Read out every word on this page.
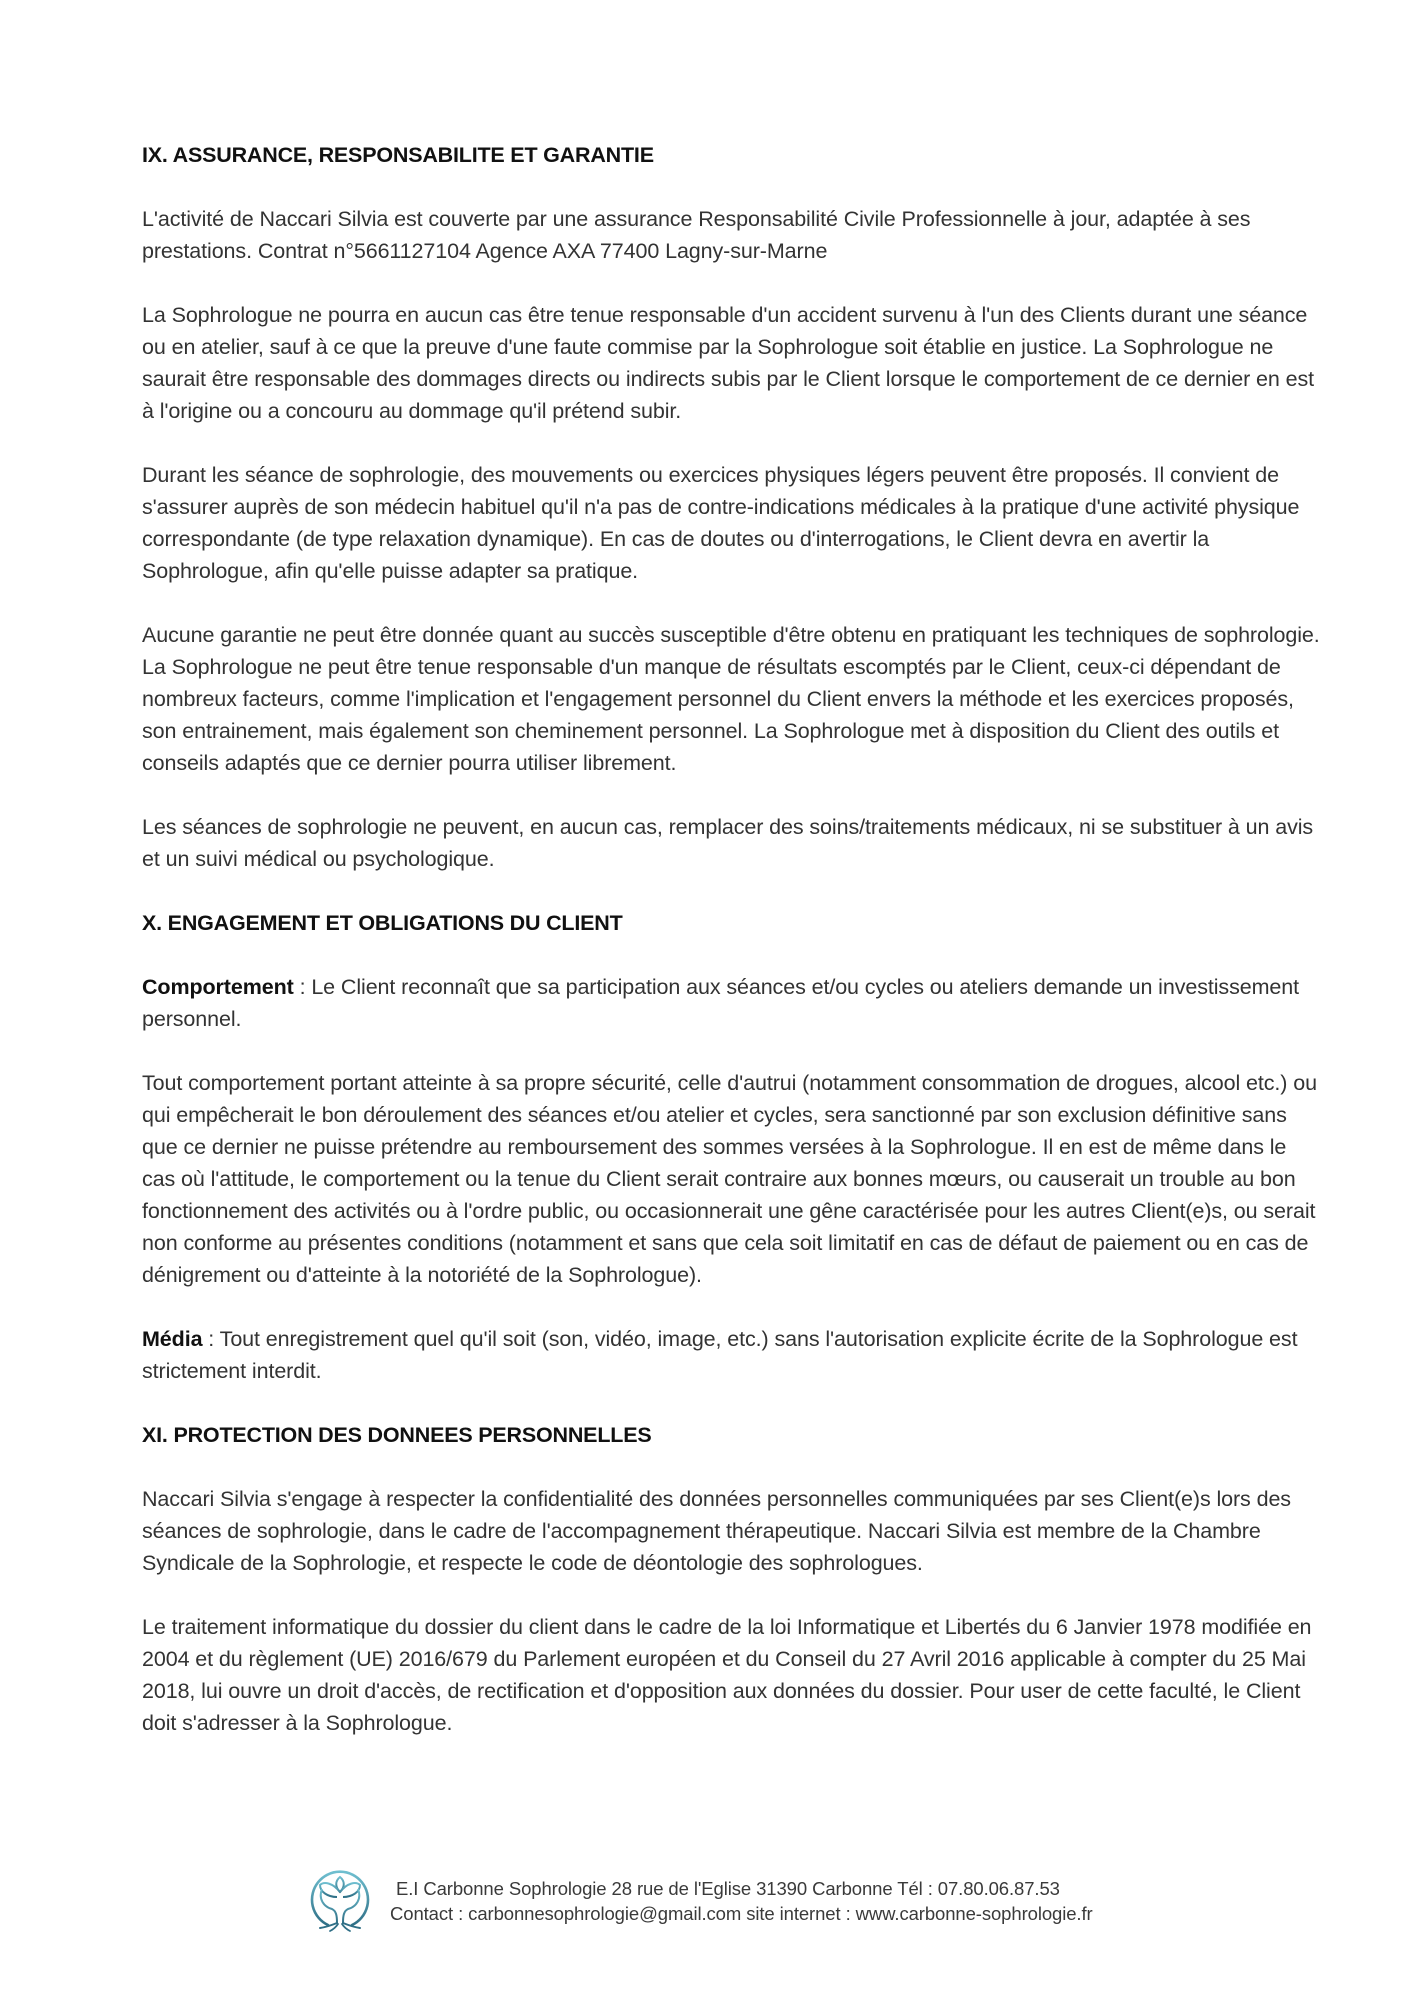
IX. ASSURANCE, RESPONSABILITE ET GARANTIE

L'activité de Naccari Silvia est couverte par une assurance Responsabilité Civile Professionnelle à jour, adaptée à ses prestations. Contrat n°5661127104 Agence AXA 77400 Lagny-sur-Marne

La Sophrologue ne pourra en aucun cas être tenue responsable d'un accident survenu à l'un des Clients durant une séance ou en atelier, sauf à ce que la preuve d'une faute commise par la Sophrologue soit établie en justice. La Sophrologue ne saurait être responsable des dommages directs ou indirects subis par le Client lorsque le comportement de ce dernier en est à l'origine ou a concouru au dommage qu'il prétend subir.

Durant les séance de sophrologie, des mouvements ou exercices physiques légers peuvent être proposés. Il convient de s'assurer auprès de son médecin habituel qu'il n'a pas de contre-indications médicales à la pratique d'une activité physique correspondante (de type relaxation dynamique). En cas de doutes ou d'interrogations, le Client devra en avertir la Sophrologue, afin qu'elle puisse adapter sa pratique.

Aucune garantie ne peut être donnée quant au succès susceptible d'être obtenu en pratiquant les techniques de sophrologie. La Sophrologue ne peut être tenue responsable d'un manque de résultats escomptés par le Client, ceux-ci dépendant de nombreux facteurs, comme l'implication et l'engagement personnel du Client envers la méthode et les exercices proposés, son entrainement, mais également son cheminement personnel. La Sophrologue met à disposition du Client des outils et conseils adaptés que ce dernier pourra utiliser librement.

Les séances de sophrologie ne peuvent, en aucun cas, remplacer des soins/traitements médicaux, ni se substituer à un avis et un suivi médical ou psychologique.

X. ENGAGEMENT ET OBLIGATIONS DU CLIENT

Comportement : Le Client reconnaît que sa participation aux séances et/ou cycles ou ateliers demande un investissement personnel.

Tout comportement portant atteinte à sa propre sécurité, celle d'autrui (notamment consommation de drogues, alcool etc.) ou qui empêcherait le bon déroulement des séances et/ou atelier et cycles, sera sanctionné par son exclusion définitive sans que ce dernier ne puisse prétendre au remboursement des sommes versées à la Sophrologue. Il en est de même dans le cas où l'attitude, le comportement ou la tenue du Client serait contraire aux bonnes mœurs, ou causerait un trouble au bon fonctionnement des activités ou à l'ordre public, ou occasionnerait une gêne caractérisée pour les autres Client(e)s, ou serait non conforme au présentes conditions (notamment et sans que cela soit limitatif en cas de défaut de paiement ou en cas de dénigrement ou d'atteinte à la notoriété de la Sophrologue).

Média : Tout enregistrement quel qu'il soit (son, vidéo, image, etc.) sans l'autorisation explicite écrite de la Sophrologue est strictement interdit.

XI. PROTECTION DES DONNEES PERSONNELLES

Naccari Silvia s'engage à respecter la confidentialité des données personnelles communiquées par ses Client(e)s lors des séances de sophrologie, dans le cadre de l'accompagnement thérapeutique. Naccari Silvia est membre de la Chambre Syndicale de la Sophrologie, et respecte le code de déontologie des sophrologues.

Le traitement informatique du dossier du client dans le cadre de la loi Informatique et Libertés du 6 Janvier 1978 modifiée en 2004 et du règlement (UE) 2016/679 du Parlement européen et du Conseil du 27 Avril 2016 applicable à compter du 25 Mai 2018, lui ouvre un droit d'accès, de rectification et d'opposition aux données du dossier. Pour user de cette faculté, le Client doit s'adresser à la Sophrologue.

E.I Carbonne Sophrologie 28 rue de l'Eglise 31390 Carbonne Tél : 07.80.06.87.53
Contact : carbonnesophrologie@gmail.com site internet : www.carbonne-sophrologie.fr
